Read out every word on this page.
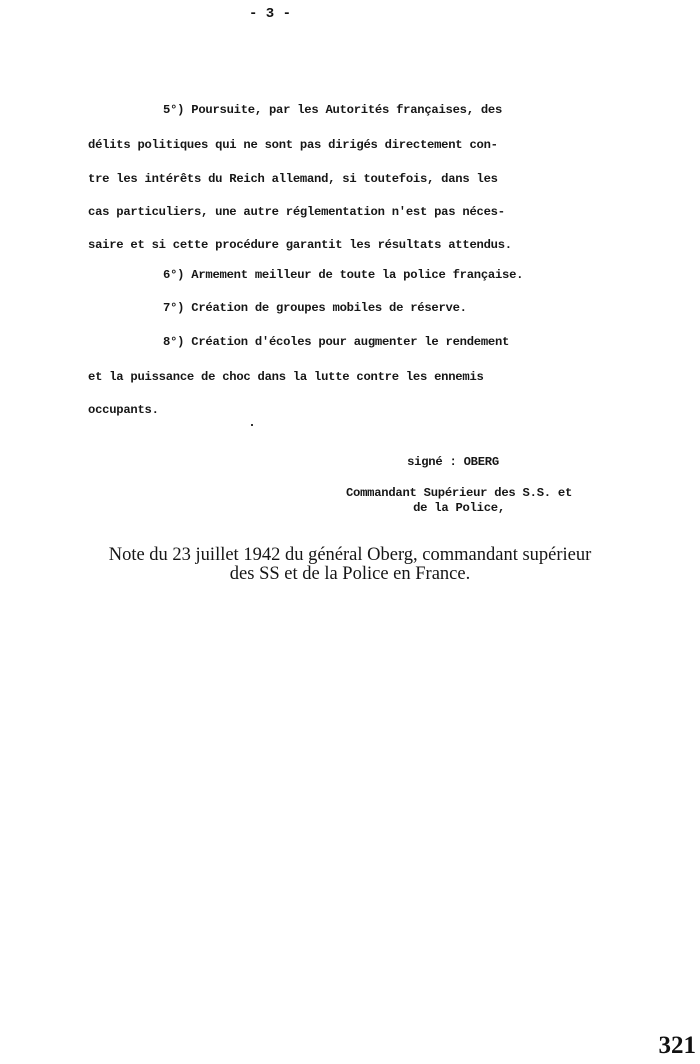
- 3 -
5°) Poursuite, par les Autorités françaises, des
délits politiques qui ne sont pas dirigés directement con-
tre les intérêts du Reich allemand, si toutefois, dans les
cas particuliers, une autre réglementation n'est pas néces-
saire et si cette procédure garantit les résultats attendus.
6°) Armement meilleur de toute la police française.
7°) Création de groupes mobiles de réserve.
8°) Création d'écoles pour augmenter le rendement
et la puissance de choc dans la lutte contre les ennemis
occupants.
signé : OBERG
Commandant Supérieur des S.S. et
de la Police,
Note du 23 juillet 1942 du général Oberg, commandant supérieur
des SS et de la Police en France.
321
